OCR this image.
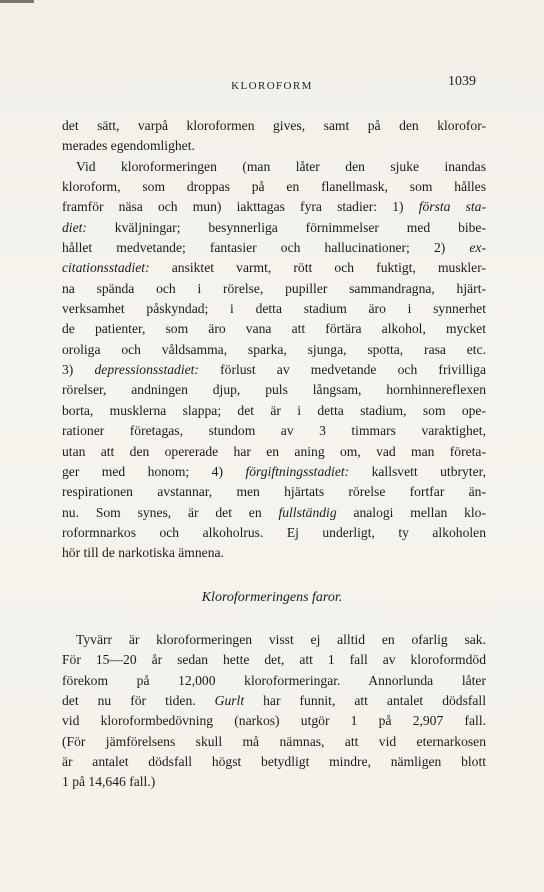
KLOROFORM	1039
det sätt, varpå kloroformen gives, samt på den klorofor-
merades egendomlighet.
Vid kloroformeringen (man låter den sjuke inandas
kloroform, som droppas på en flanellmask, som hålles
framför näsa och mun) iakttagas fyra stadier: 1) första sta-
diet: kväljningar; besynnerliga förnimmelser med bibe-
hållet medvetande; fantasier och hallucinationer; 2) ex-
citationsstadiet: ansiktet varmt, rött och fuktigt, muskler-
na spända och i rörelse, pupiller sammandragna, hjärt-
verksamhet påskyndad; i detta stadium äro i synnerhet
de patienter, som äro vana att förtära alkohol, mycket
oroliga och våldsamma, sparka, sjunga, spotta, rasa etc.
3) depressionsstadiet: förlust av medvetande och frivilliga
rörelser, andningen djup, puls långsam, hornhinnereflexen
borta, musklerna slappa; det är i detta stadium, som ope-
rationer företagas, stundom av 3 timmars varaktighet,
utan att den opererade har en aning om, vad man företa-
ger med honom; 4) förgiftningsstadiet: kallsvett utbryter,
respirationen avstannar, men hjärtats rörelse fortfar än-
nu. Som synes, är det en fullständig analogi mellan klo-
roformnarkos och alkoholrus. Ej underligt, ty alkoholen
hör till de narkotiska ämnena.
Kloroformeringens faror.
Tyvärr är kloroformeringen visst ej alltid en ofarlig sak.
För 15—20 år sedan hette det, att 1 fall av kloroformdöd
förekom på 12,000 kloroformeringar. Annorlunda låter
det nu för tiden. Gurlt har funnit, att antalet dödsfall
vid kloroformbedövning (narkos) utgör 1 på 2,907 fall.
(För jämförelsens skull må nämnas, att vid eternarkosen
är antalet dödsfall högst betydligt mindre, nämligen blott
1 på 14,646 fall.)
